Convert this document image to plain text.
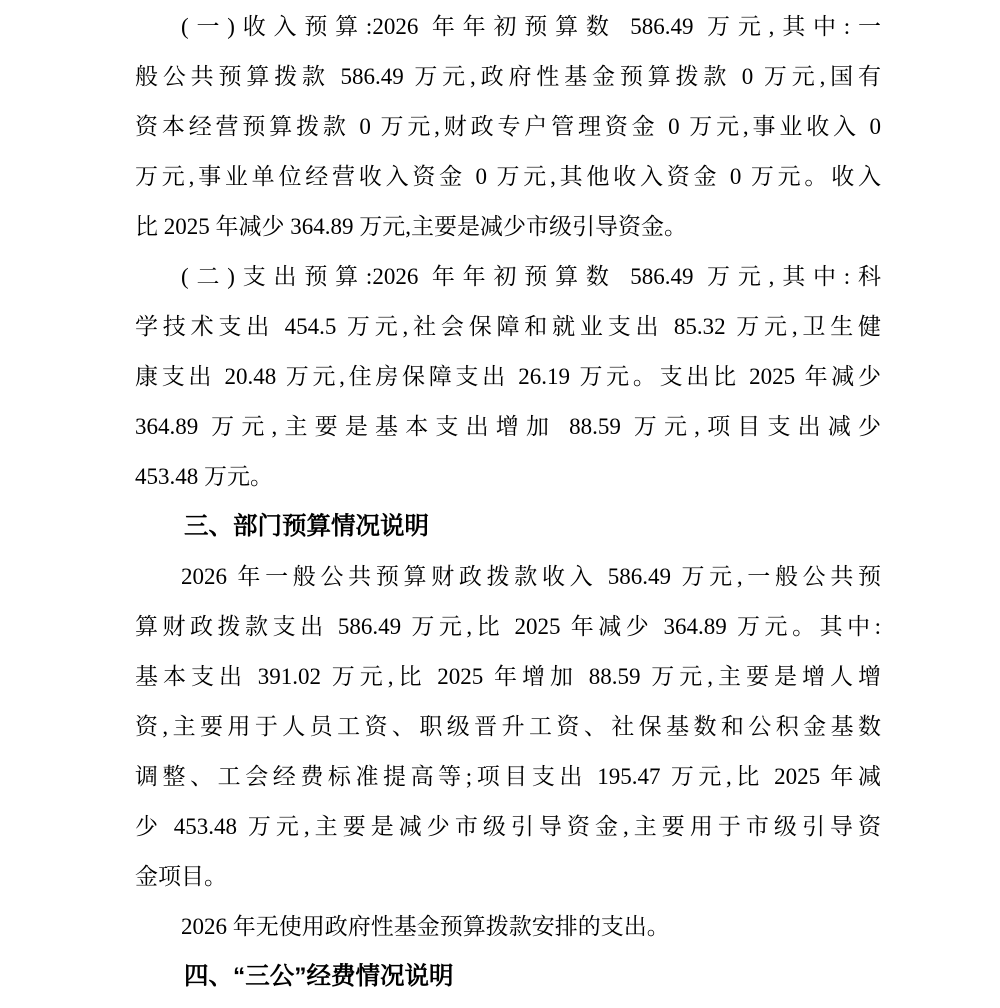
(一)收入预算:2026 年年初预算数 586.49 万元,其中:一
般公共预算拨款 586.49 万元,政府性基金预算拨款 0 万元,国有
资本经营预算拨款 0 万元,财政专户管理资金 0 万元,事业收入 0
万元,事业单位经营收入资金 0 万元,其他收入资金 0 万元。收入
比 2025 年减少 364.89 万元,主要是减少市级引导资金。

(二)支出预算:2026 年年初预算数 586.49 万元,其中:科
学技术支出 454.5 万元,社会保障和就业支出 85.32 万元,卫生健
康支出 20.48 万元,住房保障支出 26.19 万元。支出比 2025 年减少
364.89 万元,主要是基本支出增加 88.59 万元,项目支出减少
453.48 万元。

三、部门预算情况说明

2026 年一般公共预算财政拨款收入 586.49 万元,一般公共预
算财政拨款支出 586.49 万元,比 2025 年减少 364.89 万元。其中:
基本支出 391.02 万元,比 2025 年增加 88.59 万元,主要是增人增
资,主要用于人员工资、职级晋升工资、社保基数和公积金基数
调整、工会经费标准提高等;项目支出 195.47 万元,比 2025 年减
少 453.48 万元,主要是减少市级引导资金,主要用于市级引导资
金项目。

2026 年无使用政府性基金预算拨款安排的支出。

四、“三公”经费情况说明
